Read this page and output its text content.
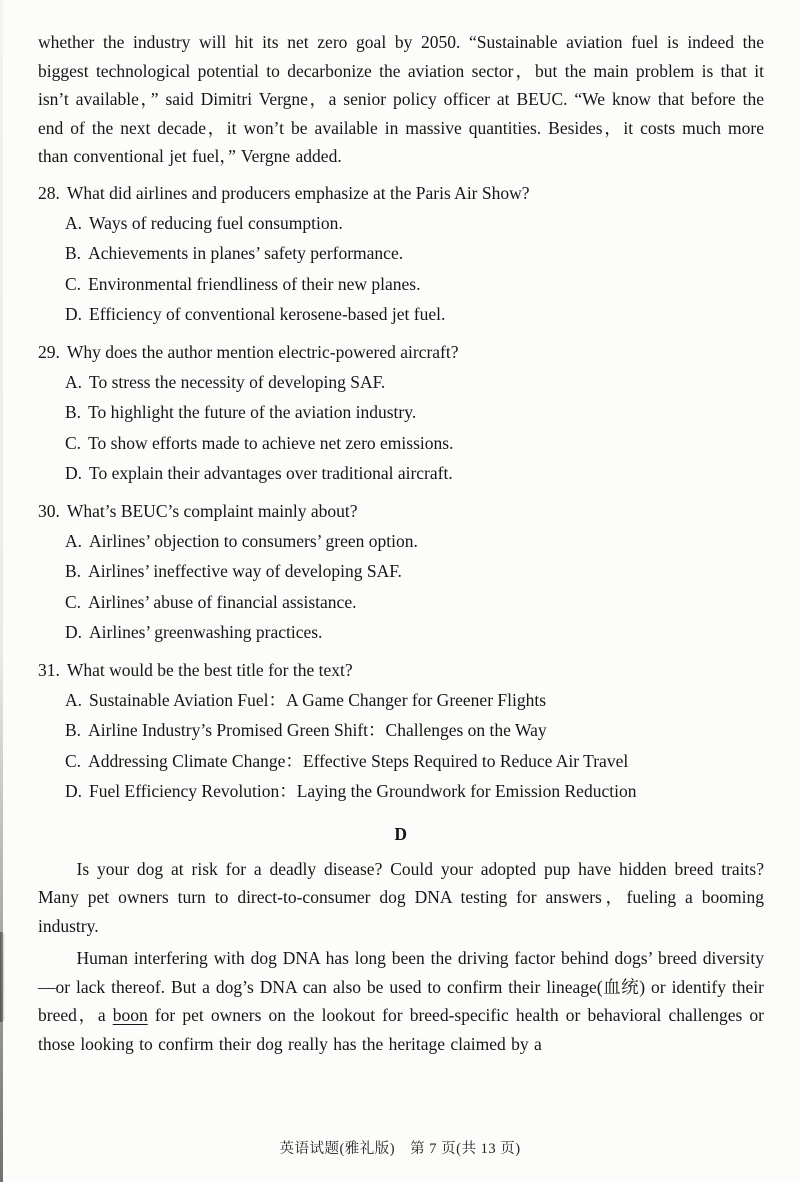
whether the industry will hit its net zero goal by 2050. “Sustainable aviation fuel is indeed the biggest technological potential to decarbonize the aviation sector，but the main problem is that it isn’t available，” said Dimitri Vergne，a senior policy officer at BEUC. “We know that before the end of the next decade，it won’t be available in massive quantities. Besides，it costs much more than conventional jet fuel，” Vergne added.
28. What did airlines and producers emphasize at the Paris Air Show?
A. Ways of reducing fuel consumption.
B. Achievements in planes’ safety performance.
C. Environmental friendliness of their new planes.
D. Efficiency of conventional kerosene-based jet fuel.
29. Why does the author mention electric-powered aircraft?
A. To stress the necessity of developing SAF.
B. To highlight the future of the aviation industry.
C. To show efforts made to achieve net zero emissions.
D. To explain their advantages over traditional aircraft.
30. What’s BEUC’s complaint mainly about?
A. Airlines’ objection to consumers’ green option.
B. Airlines’ ineffective way of developing SAF.
C. Airlines’ abuse of financial assistance.
D. Airlines’ greenwashing practices.
31. What would be the best title for the text?
A. Sustainable Aviation Fuel：A Game Changer for Greener Flights
B. Airline Industry’s Promised Green Shift：Challenges on the Way
C. Addressing Climate Change：Effective Steps Required to Reduce Air Travel
D. Fuel Efficiency Revolution：Laying the Groundwork for Emission Reduction
D
Is your dog at risk for a deadly disease? Could your adopted pup have hidden breed traits? Many pet owners turn to direct-to-consumer dog DNA testing for answers，fueling a booming industry.
Human interfering with dog DNA has long been the driving factor behind dogs’ breed diversity—or lack thereof. But a dog’s DNA can also be used to confirm their lineage(血统) or identify their breed，a boon for pet owners on the lookout for breed-specific health or behavioral challenges or those looking to confirm their dog really has the heritage claimed by a
英语试题(雅礼版)　第 7 页(共 13 页)
